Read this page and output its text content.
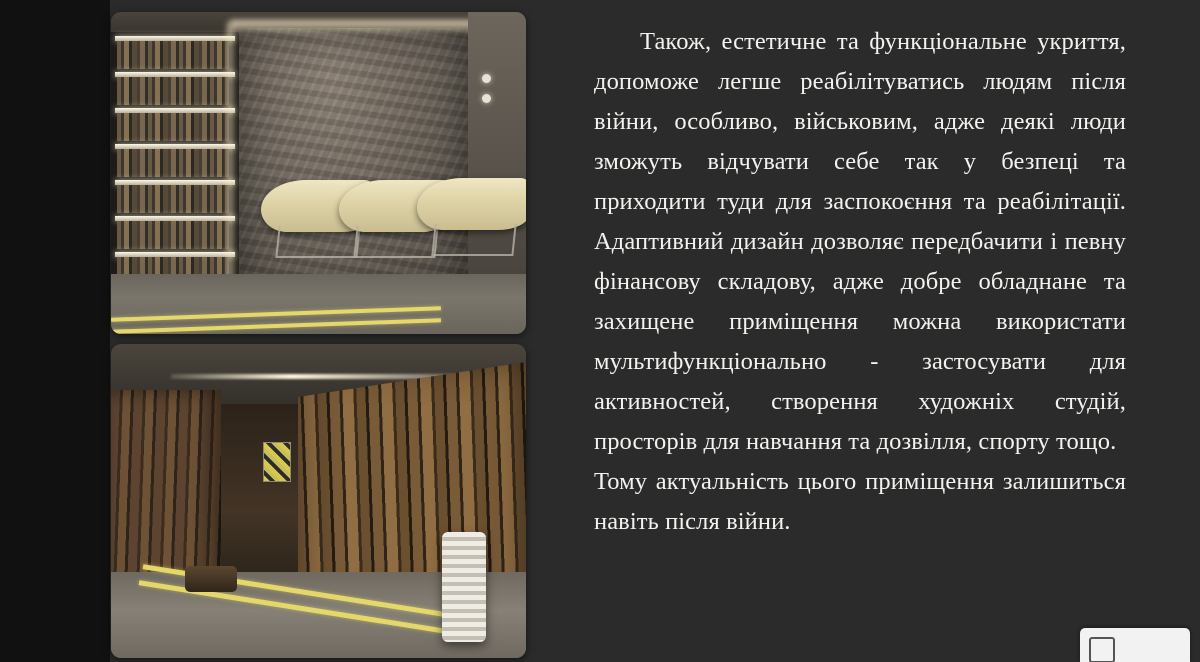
Також, естетичне та функціональне укриття, допоможе легше реабілітуватись людям після війни, особливо, військовим, адже деякі люди зможуть відчувати себе так у безпеці та приходити туди для заспокоєння та реабілітації. Адаптивний дизайн дозволяє передбачити і певну фінансову складову, адже добре обладнане та захищене приміщення можна використати мультифункціонально - застосувати для активностей, створення художніх студій, просторів для навчання та дозвілля, спорту тощо.

Тому актуальність цього приміщення залишиться навіть після війни.
